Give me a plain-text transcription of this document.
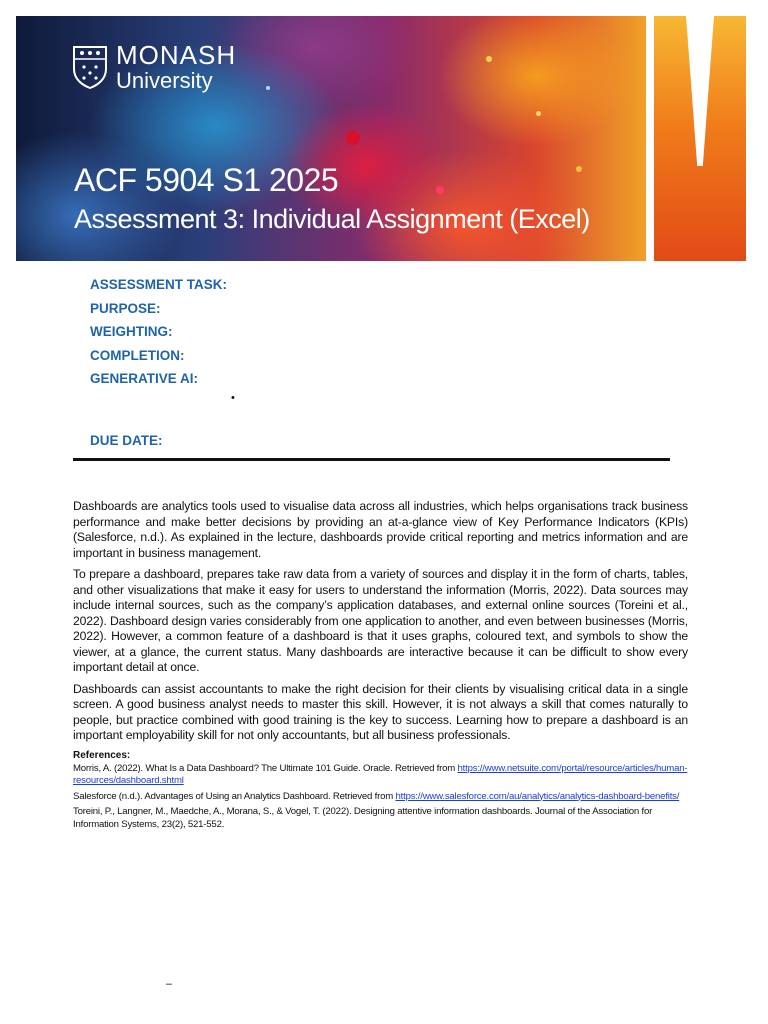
MONASH
University
ACF 5904 S1 2025
Assessment 3: Individual Assignment (Excel)
ASSESSMENT TASK:
PURPOSE:
WEIGHTING:
COMPLETION:
GENERATIVE AI:
•
DUE DATE:

Dashboards are analytics tools used to visualise data across all industries, which helps organisations track business performance and make better decisions by providing an at-a-glance view of Key Performance Indicators (KPIs) (Salesforce, n.d.). As explained in the lecture, dashboards provide critical reporting and metrics information and are important in business management.

To prepare a dashboard, prepares take raw data from a variety of sources and display it in the form of charts, tables, and other visualizations that make it easy for users to understand the information (Morris, 2022). Data sources may include internal sources, such as the company’s application databases, and external online sources (Toreini et al., 2022). Dashboard design varies considerably from one application to another, and even between businesses (Morris, 2022). However, a common feature of a dashboard is that it uses graphs, coloured text, and symbols to show the viewer, at a glance, the current status. Many dashboards are interactive because it can be difficult to show every important detail at once.

Dashboards can assist accountants to make the right decision for their clients by visualising critical data in a single screen. A good business analyst needs to master this skill. However, it is not always a skill that comes naturally to people, but practice combined with good training is the key to success. Learning how to prepare a dashboard is an important employability skill for not only accountants, but all business professionals.

References:
Morris, A. (2022). What Is a Data Dashboard? The Ultimate 101 Guide. Oracle. Retrieved from https://www.netsuite.com/portal/resource/articles/human-resources/dashboard.shtml
Salesforce (n.d.). Advantages of Using an Analytics Dashboard. Retrieved from https://www.salesforce.com/au/analytics/analytics-dashboard-benefits/
Toreini, P., Langner, M., Maedche, A., Morana, S., & Vogel, T. (2022). Designing attentive information dashboards. Journal of the Association for Information Systems, 23(2), 521-552.
–
